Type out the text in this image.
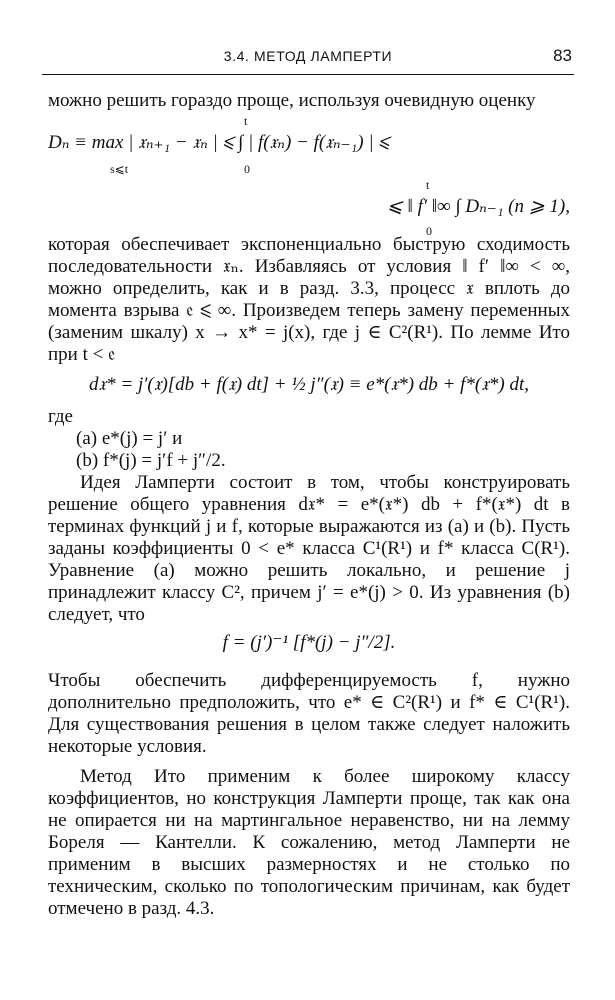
3.4. МЕТОД ЛАМПЕРТИ	83

можно решить гораздо проще, используя очевидную оценку

t
Dₙ ≡ max | 𝔵ₙ₊₁ − 𝔵ₙ | ⩽ ∫ | f(𝔵ₙ) − f(𝔵ₙ₋₁) | ⩽
s⩽t	0
t
⩽ ‖ f′ ‖∞ ∫ Dₙ₋₁ (n ⩾ 1),
0

которая обеспечивает экспоненциально быструю сходимость последовательности 𝔵ₙ. Избавляясь от условия ‖ f′ ‖∞ < ∞, можно определить, как и в разд. 3.3, процесс 𝔵 вплоть до момента взрыва 𝔢 ⩽ ∞. Произведем теперь замену переменных (заменим шкалу) x → x* = j(x), где j ∈ C²(R¹). По лемме Ито при t < 𝔢

d𝔵* = j′(𝔵)[db + f(𝔵) dt] + ½ j″(𝔵) ≡ e*(𝔵*) db + f*(𝔵*) dt,

где

(a) e*(j) = j′ и
(b) f*(j) = j′f + j″/2.

Идея Ламперти состоит в том, чтобы конструировать решение общего уравнения d𝔵* = e*(𝔵*) db + f*(𝔵*) dt в терминах функций j и f, которые выражаются из (a) и (b). Пусть заданы коэффициенты 0 < e* класса C¹(R¹) и f* класса C(R¹). Уравнение (a) можно решить локально, и решение j принадлежит классу C², причем j′ = e*(j) > 0. Из уравнения (b) следует, что

f = (j′)⁻¹ [f*(j) − j″/2].

Чтобы обеспечить дифференцируемость f, нужно дополнительно предположить, что e* ∈ C²(R¹) и f* ∈ C¹(R¹). Для существования решения в целом также следует наложить некоторые условия.

Метод Ито применим к более широкому классу коэффициентов, но конструкция Ламперти проще, так как она не опирается ни на мартингальное неравенство, ни на лемму Бореля — Кантелли. К сожалению, метод Ламперти не применим в высших размерностях и не столько по техническим, сколько по топологическим причинам, как будет отмечено в разд. 4.3.
